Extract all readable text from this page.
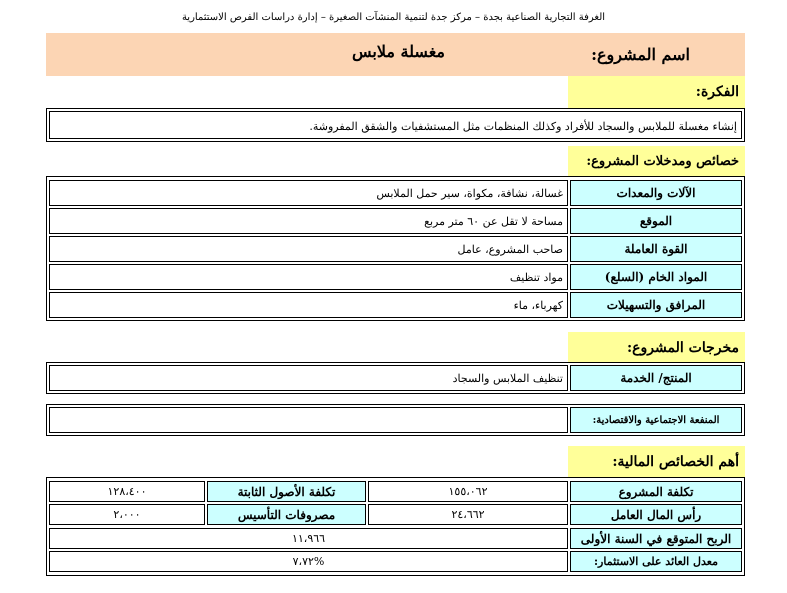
الغرفة التجارية الصناعية بجدة – مركز جدة لتنمية المنشآت الصغيرة – إدارة دراسات الفرص الاستثمارية
اسم المشروع:
مغسلة ملابس
الفكرة:
إنشاء مغسلة للملابس والسجاد للأفراد وكذلك المنظمات مثل المستشفيات والشقق المفروشة.
خصائص ومدخلات المشروع:
الآلات والمعدات
غسالة، نشافة، مكواة، سير حمل الملابس
الموقع
مساحة لا تقل عن ٦٠ متر مربع
القوة العاملة
صاحب المشروع، عامل
المواد الخام (السلع)
مواد تنظيف
المرافق والتسهيلات
كهرباء، ماء
مخرجات المشروع:
المنتج/ الخدمة
تنظيف الملابس والسجاد
المنفعة الاجتماعية والاقتصادية:
أهم الخصائص المالية:
تكلفة المشروع
١٥٥،٠٦٢
تكلفة الأصول الثابتة
١٢٨،٤٠٠
رأس المال العامل
٢٤،٦٦٢
مصروفات التأسيس
٢،٠٠٠
الربح المتوقع في السنة الأولى
١١،٩٦٦
معدل العائد على الاستثمار:
%٧،٧٢
